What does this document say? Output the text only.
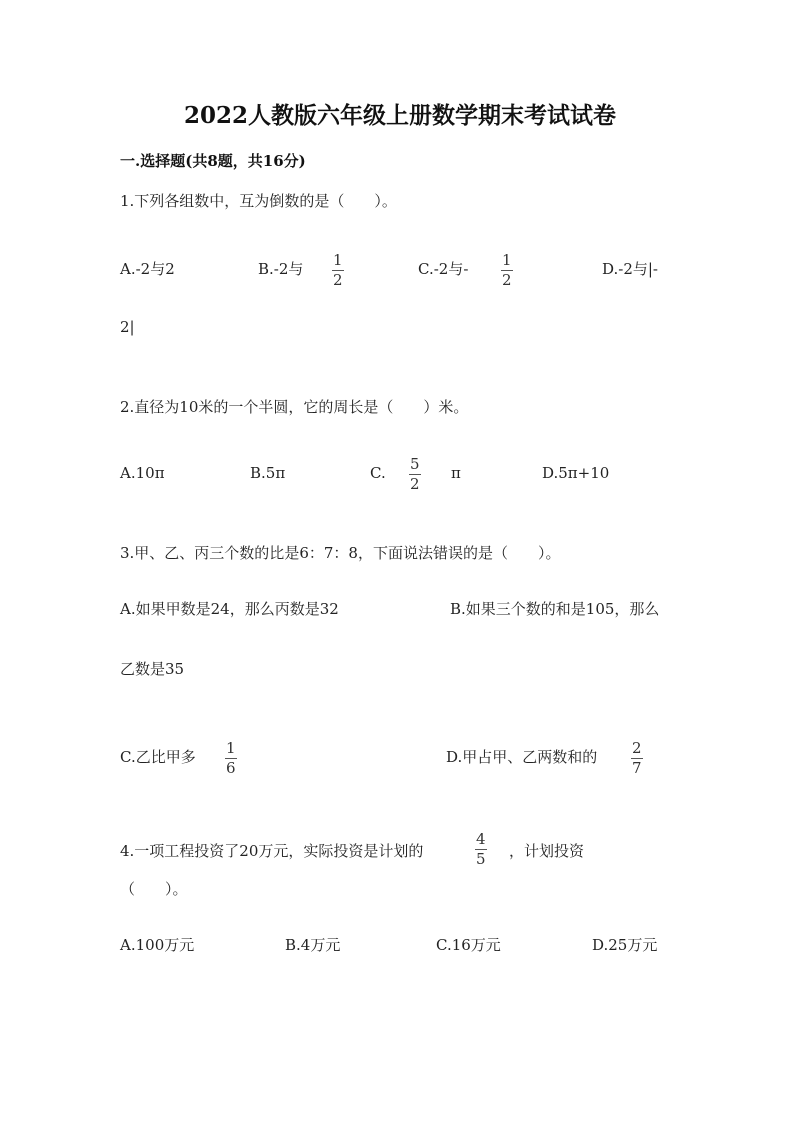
2022人教版六年级上册数学期末考试试卷
一.选择题(共8题，共16分)
1.下列各组数中，互为倒数的是（　　）。
A.-2与2	B.-2与 1
2
C.-2与- 1
2
D.-2与|-
2|
2.直径为10米的一个半圆，它的周长是（　　）米。
A.10π	B.5π	C. 5
2
π	D.5π+10
3.甲、乙、丙三个数的比是6：7：8，下面说法错误的是（　　）。
A.如果甲数是24，那么丙数是32	B.如果三个数的和是105，那么
乙数是35
C.乙比甲多 1
6
D.甲占甲、乙两数和的 2
7
4.一项工程投资了20万元，实际投资是计划的
4
5 ，计划投资
（　　）。
A.100万元	B.4万元	C.16万元	D.25万元
